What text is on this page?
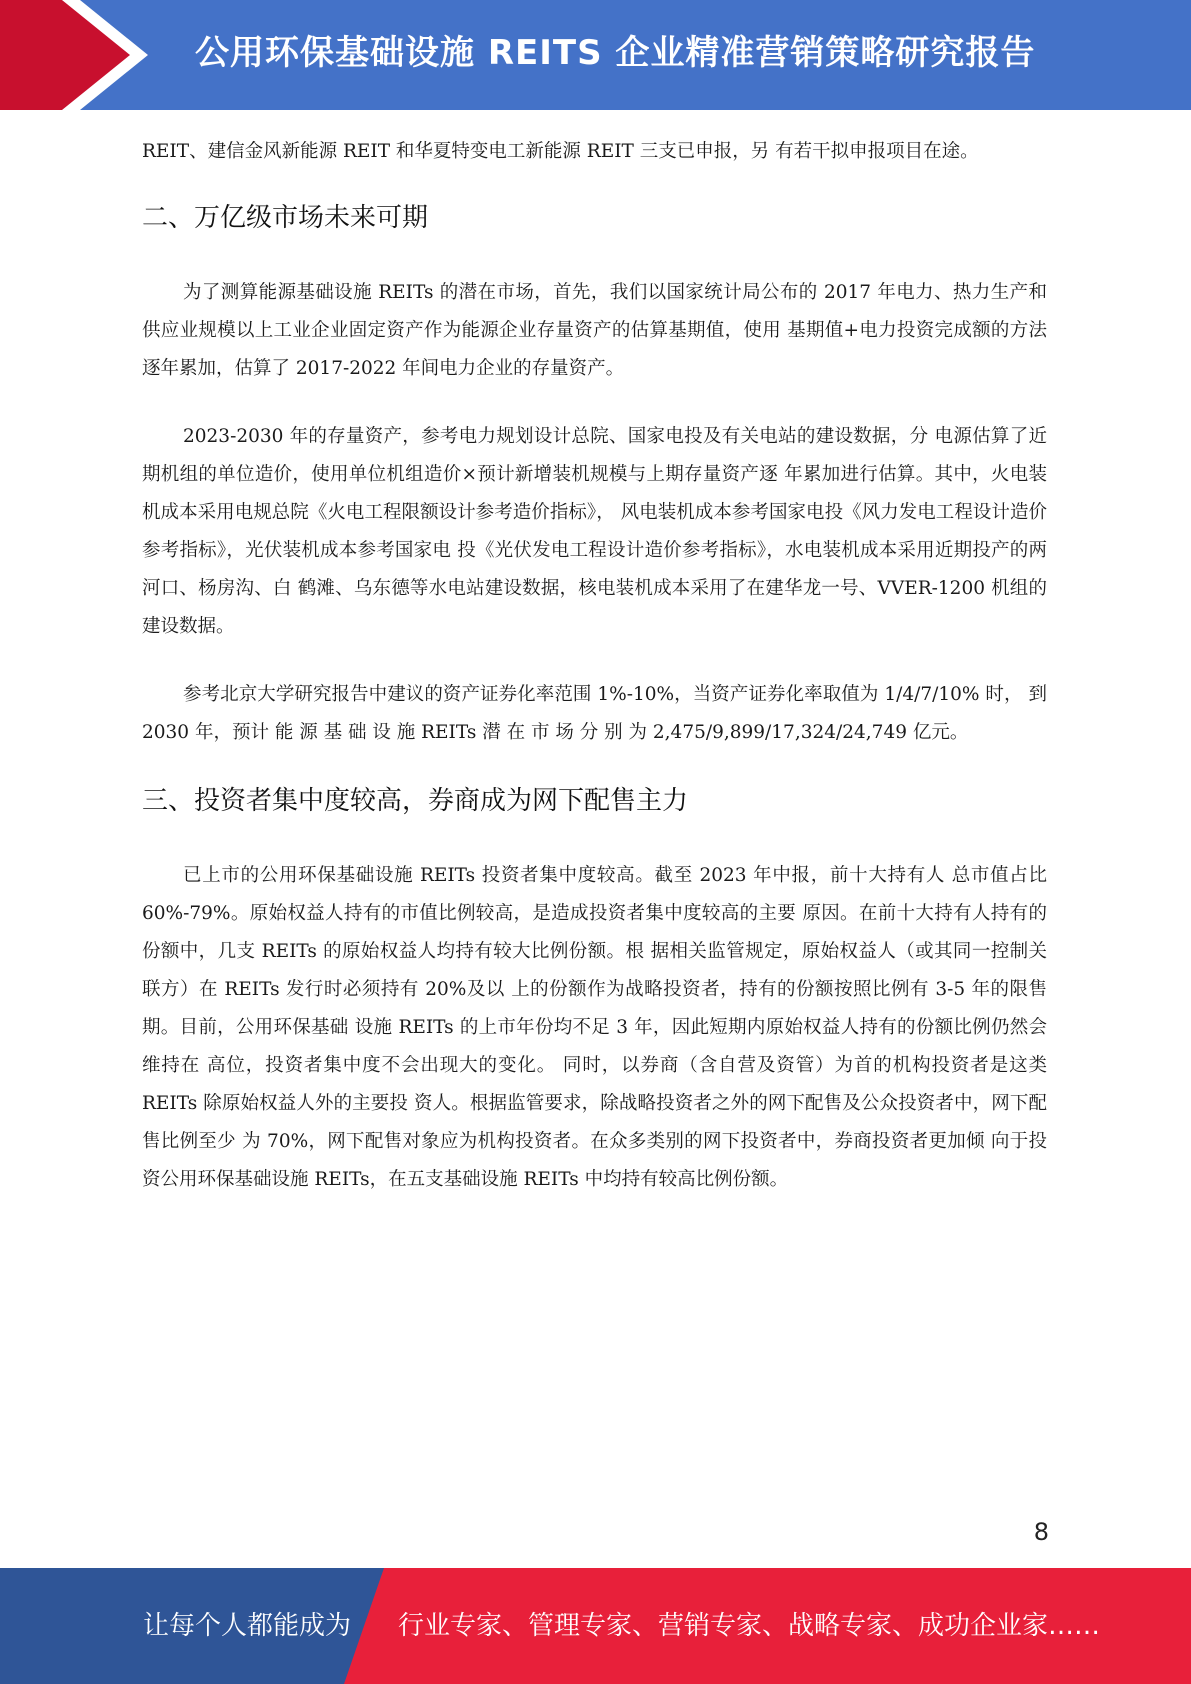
公用环保基础设施 REITS 企业精准营销策略研究报告

REIT、建信金风新能源 REIT 和华夏特变电工新能源 REIT 三支已申报，另 有若干拟申报项目在途。

二、万亿级市场未来可期

为了测算能源基础设施 REITs 的潜在市场，首先，我们以国家统计局公布的 2017 年电力、热力生产和供应业规模以上工业企业固定资产作为能源企业存量资产的估算基期值，使用 基期值+电力投资完成额的方法逐年累加，估算了 2017-2022 年间电力企业的存量资产。

2023-2030 年的存量资产，参考电力规划设计总院、国家电投及有关电站的建设数据，分 电源估算了近期机组的单位造价，使用单位机组造价×预计新增装机规模与上期存量资产逐 年累加进行估算。其中，火电装机成本采用电规总院《火电工程限额设计参考造价指标》， 风电装机成本参考国家电投《风力发电工程设计造价参考指标》，光伏装机成本参考国家电 投《光伏发电工程设计造价参考指标》，水电装机成本采用近期投产的两河口、杨房沟、白 鹤滩、乌东德等水电站建设数据，核电装机成本采用了在建华龙一号、VVER-1200 机组的 建设数据。

参考北京大学研究报告中建议的资产证券化率范围 1%-10%，当资产证券化率取值为 1/4/7/10% 时， 到 2030 年，预计 能 源 基 础 设 施 REITs 潜 在 市 场 分 别 为 2,475/9,899/17,324/24,749 亿元。

三、投资者集中度较高，券商成为网下配售主力

已上市的公用环保基础设施 REITs 投资者集中度较高。截至 2023 年中报，前十大持有人 总市值占比 60%-79%。原始权益人持有的市值比例较高，是造成投资者集中度较高的主要 原因。在前十大持有人持有的份额中，几支 REITs 的原始权益人均持有较大比例份额。根 据相关监管规定，原始权益人（或其同一控制关联方）在 REITs 发行时必须持有 20%及以 上的份额作为战略投资者，持有的份额按照比例有 3-5 年的限售期。目前，公用环保基础 设施 REITs 的上市年份均不足 3 年，因此短期内原始权益人持有的份额比例仍然会维持在 高位，投资者集中度不会出现大的变化。 同时，以券商（含自营及资管）为首的机构投资者是这类 REITs 除原始权益人外的主要投 资人。根据监管要求，除战略投资者之外的网下配售及公众投资者中，网下配售比例至少 为 70%，网下配售对象应为机构投资者。在众多类别的网下投资者中，券商投资者更加倾 向于投资公用环保基础设施 REITs，在五支基础设施 REITs 中均持有较高比例份额。

8
让每个人都能成为 行业专家、管理专家、营销专家、战略专家、成功企业家……
